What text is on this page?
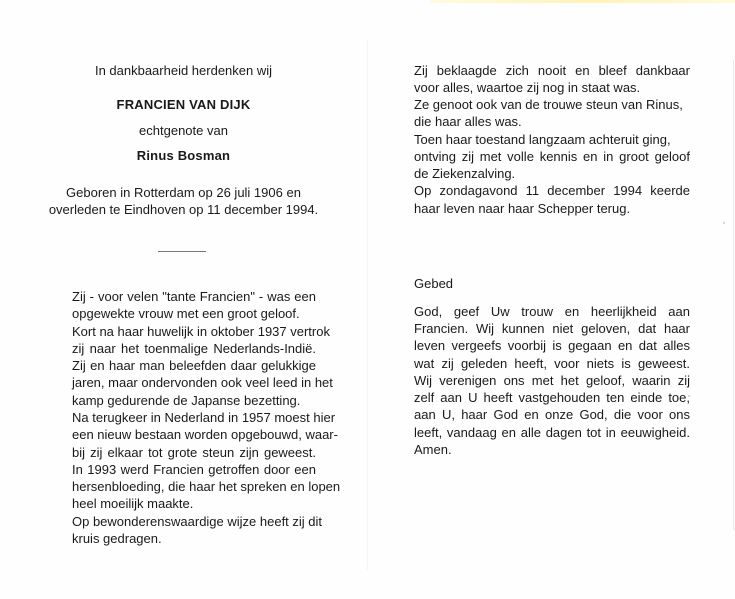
In dankbaarheid herdenken wij
FRANCIEN VAN DIJK
echtgenote van
Rinus Bosman
Geboren in Rotterdam op 26 juli 1906 en
overleden te Eindhoven op 11 december 1994.
Zij - voor velen "tante Francien" - was een
opgewekte vrouw met een groot geloof.
Kort na haar huwelijk in oktober 1937 vertrok
zij naar het toenmalige Nederlands-Indië.
Zij en haar man beleefden daar gelukkige
jaren, maar ondervonden ook veel leed in het
kamp gedurende de Japanse bezetting.
Na terugkeer in Nederland in 1957 moest hier
een nieuw bestaan worden opgebouwd, waar-
bij zij elkaar tot grote steun zijn geweest.
In 1993 werd Francien getroffen door een
hersenbloeding, die haar het spreken en lopen
heel moeilijk maakte.
Op bewonderenswaardige wijze heeft zij dit
kruis gedragen.
Zij beklaagde zich nooit en bleef dankbaar
voor alles, waartoe zij nog in staat was.
Ze genoot ook van de trouwe steun van Rinus,
die haar alles was.
Toen haar toestand langzaam achteruit ging,
ontving zij met volle kennis en in groot geloof
de Ziekenzalving.
Op zondagavond 11 december 1994 keerde
haar leven naar haar Schepper terug.
Gebed
God, geef Uw trouw en heerlijkheid aan
Francien. Wij kunnen niet geloven, dat haar
leven vergeefs voorbij is gegaan en dat alles
wat zij geleden heeft, voor niets is geweest.
Wij verenigen ons met het geloof, waarin zij
zelf aan U heeft vastgehouden ten einde toe,
aan U, haar God en onze God, die voor ons
leeft, vandaag en alle dagen tot in eeuwigheid.
Amen.
